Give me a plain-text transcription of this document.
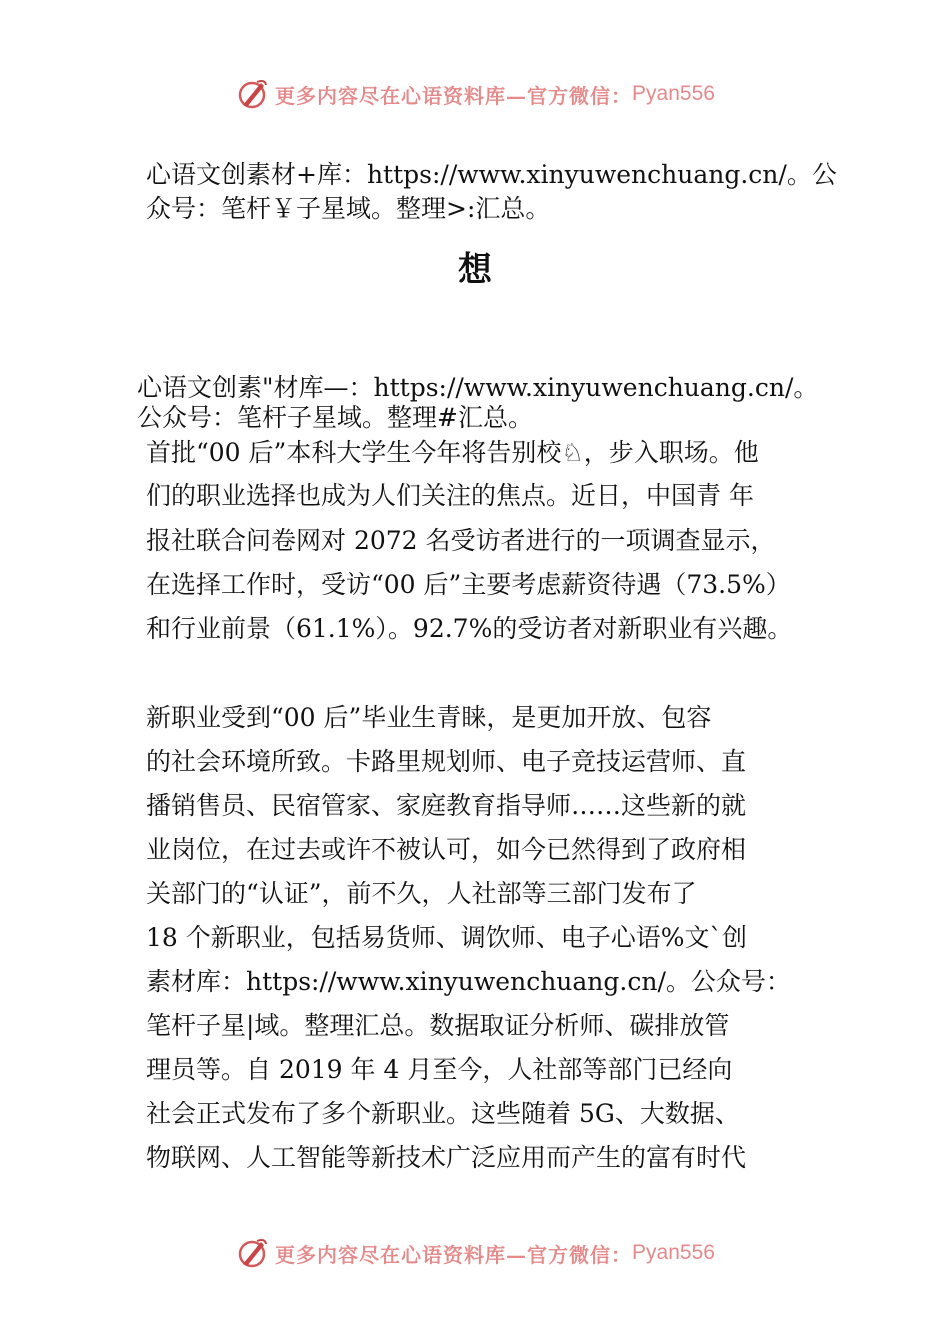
更多内容尽在心语资料库—官方微信： Pyan556
心语文创素材+库：https://www.xinyuwenchuang.cn/。公
众号：笔杆￥子星域。整理>:汇总。
想
心语文创素"材库—：https://www.xinyuwenchuang.cn/。
公众号：笔杆子星域。整理#汇总。
首批“00 后”本科大学生今年将告别校♘，步入职场。他
们的职业选择也成为人们关注的焦点。近日，中国青 年
报社联合问卷网对 2072 名受访者进行的一项调查显示，
在选择工作时，受访“00 后”主要考虑薪资待遇（73.5%）
和行业前景（61.1%）。92.7%的受访者对新职业有兴趣。
新职业受到“00 后”毕业生青睐，是更加开放、包容
的社会环境所致。卡路里规划师、电子竞技运营师、直
播销售员、民宿管家、家庭教育指导师……这些新的就
业岗位，在过去或许不被认可，如今已然得到了政府相
关部门的“认证”，前不久，人社部等三部门发布了
18 个新职业，包括易货师、调饮师、电子心语%文`创
素材库：https://www.xinyuwenchuang.cn/。公众号：
笔杆子星|域。整理汇总。数据取证分析师、碳排放管
理员等。自 2019 年 4 月至今，人社部等部门已经向
社会正式发布了多个新职业。这些随着 5G、大数据、
物联网、人工智能等新技术广泛应用而产生的富有时代
更多内容尽在心语资料库—官方微信： Pyan556
